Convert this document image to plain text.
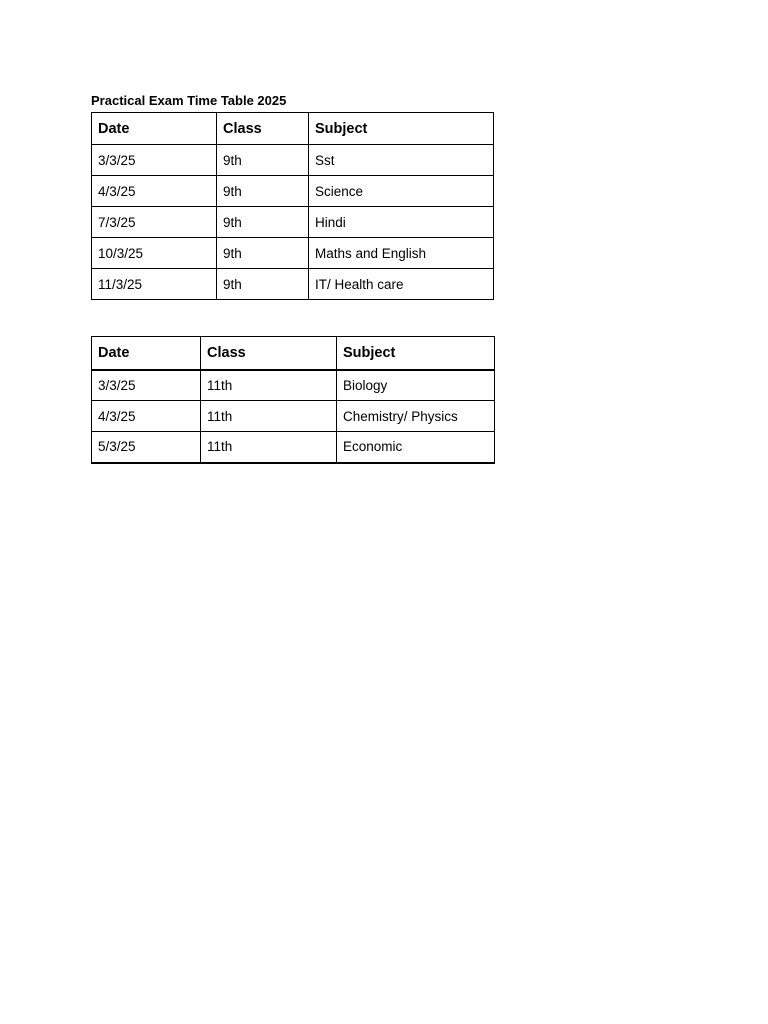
Practical Exam Time Table 2025
Date	Class	Subject
3/3/25	9th	Sst
4/3/25	9th	Science
7/3/25	9th	Hindi
10/3/25	9th	Maths and English
11/3/25	9th	IT/ Health care
Date	Class	Subject
3/3/25	11th	Biology
4/3/25	11th	Chemistry/ Physics
5/3/25	11th	Economic
